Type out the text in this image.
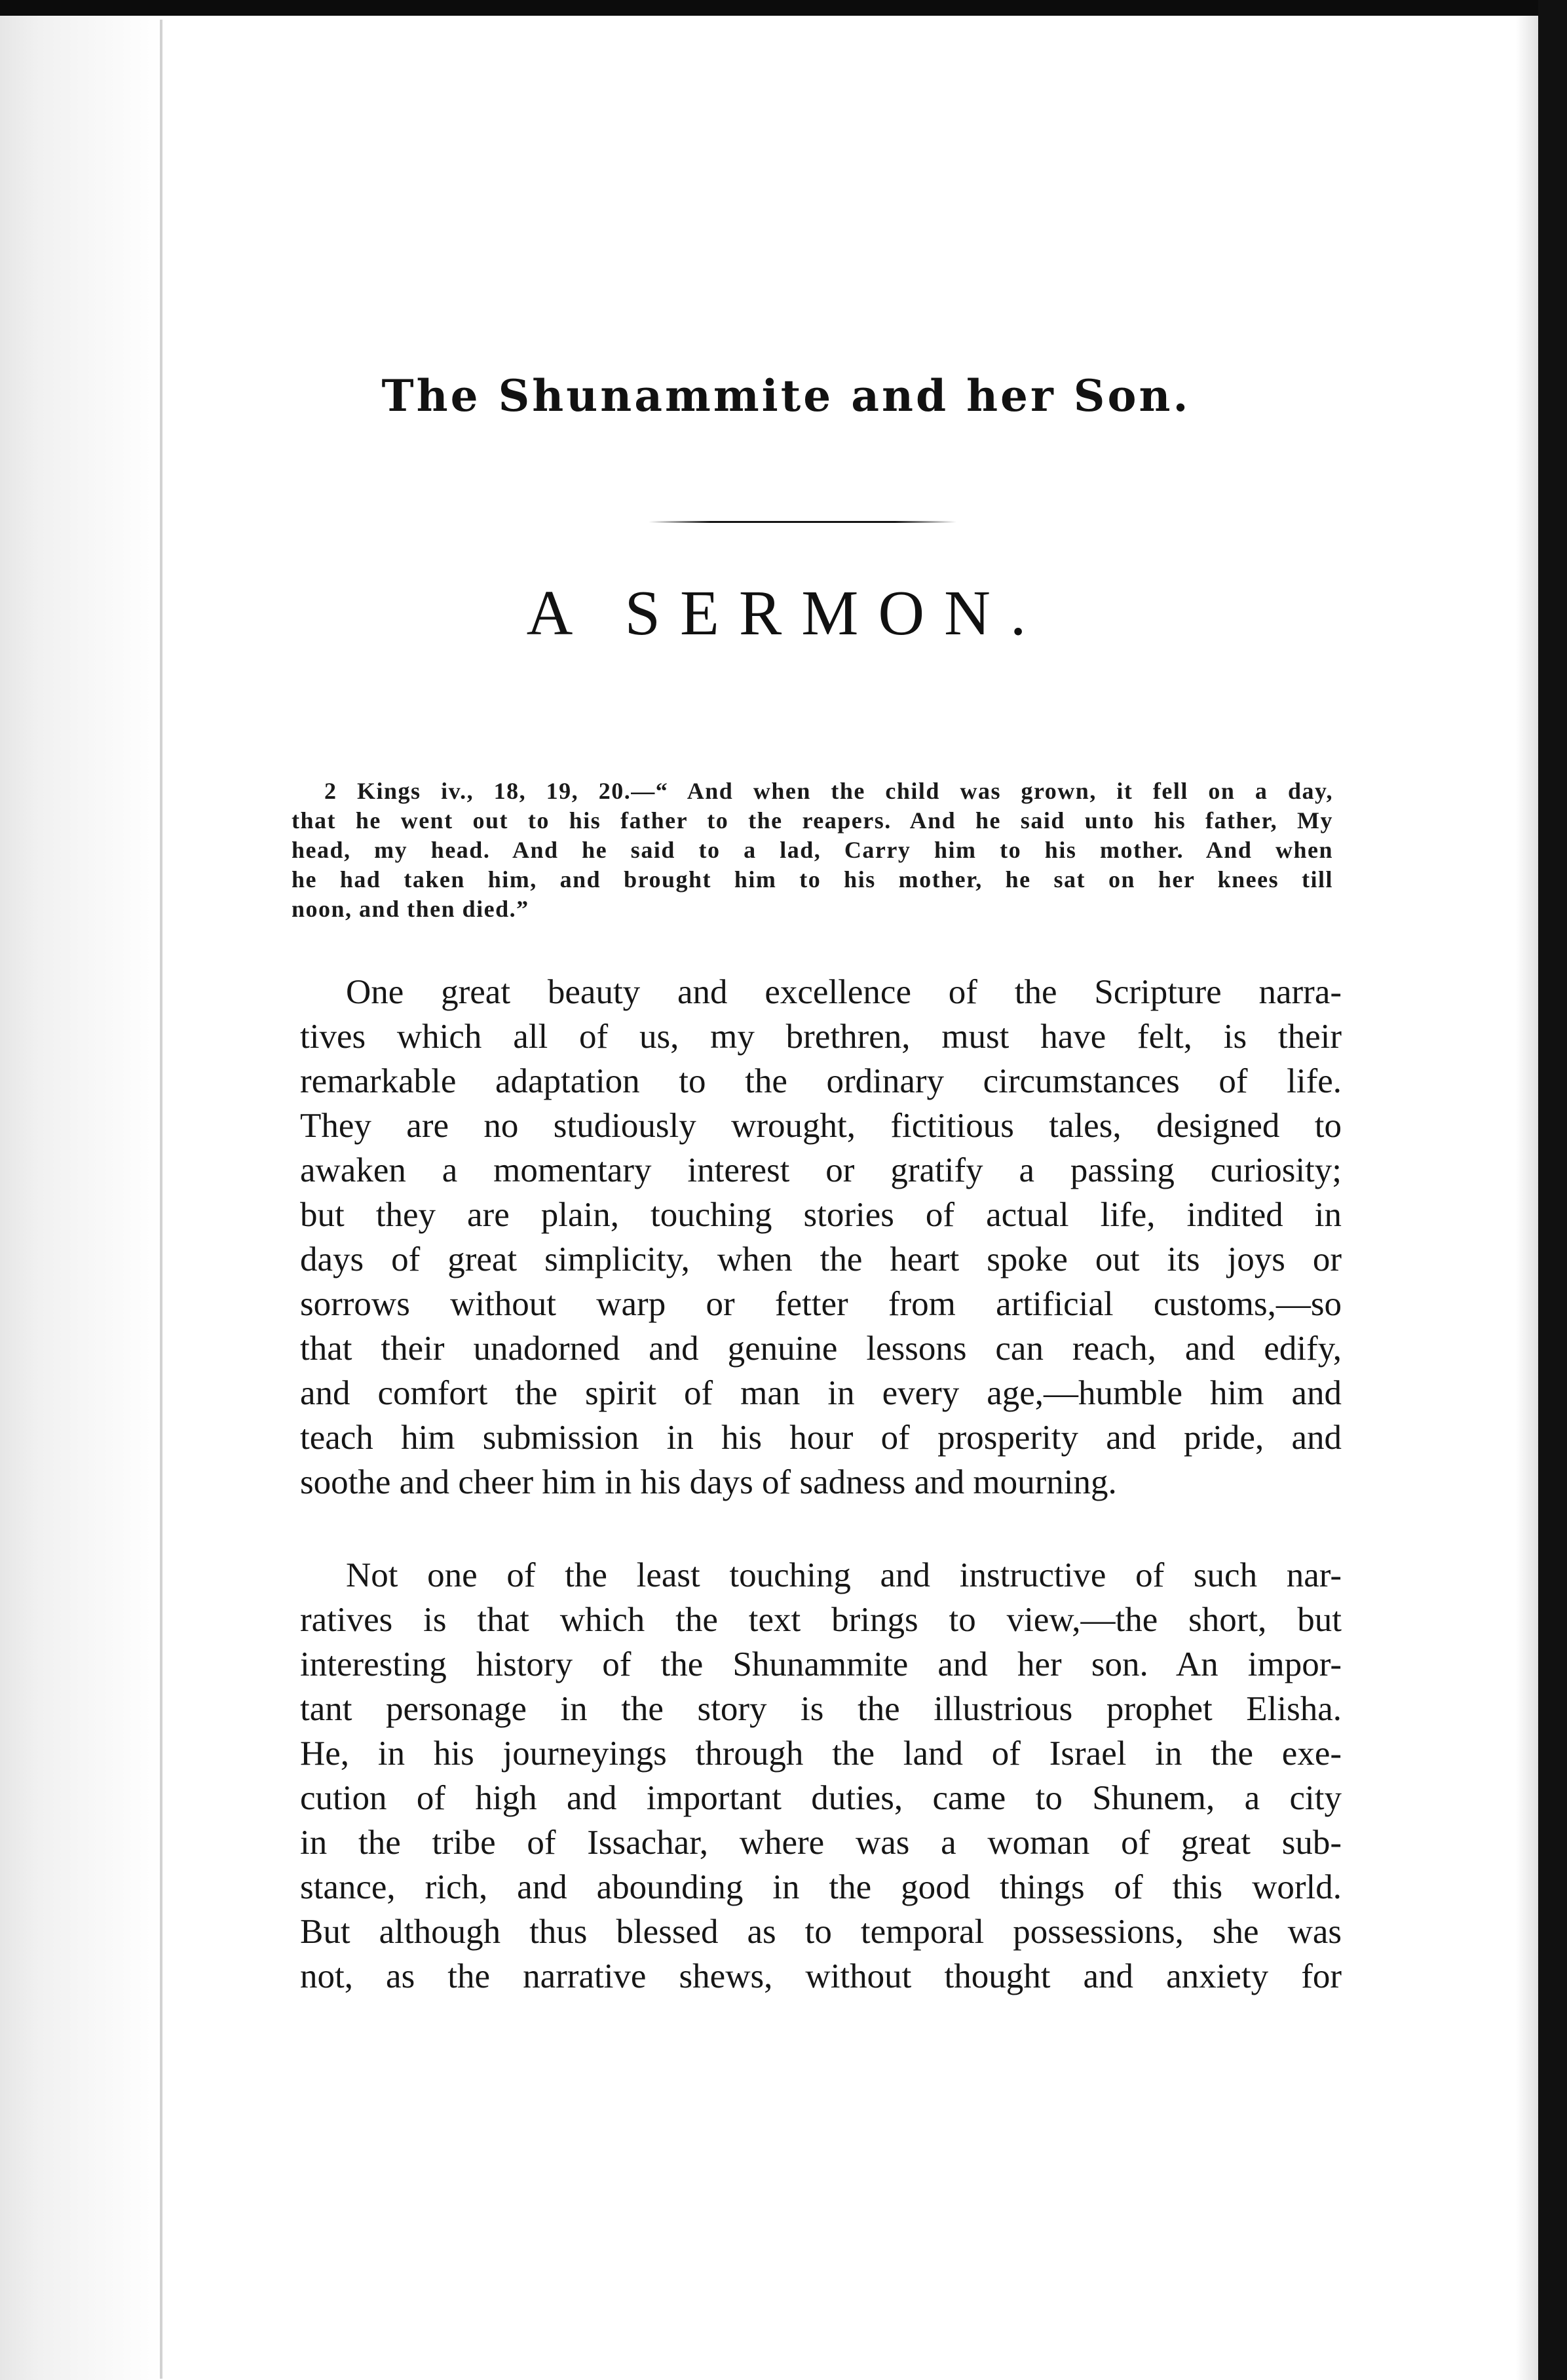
The Shunammite and her Son.
A SERMON.
2 Kings iv., 18, 19, 20.—“ And when the child was grown, it fell on a day,
that he went out to his father to the reapers. And he said unto his father, My
head, my head. And he said to a lad, Carry him to his mother. And when
he had taken him, and brought him to his mother, he sat on her knees till
noon, and then died.”
One great beauty and excellence of the Scripture narra-
tives which all of us, my brethren, must have felt, is their
remarkable adaptation to the ordinary circumstances of life.
They are no studiously wrought, fictitious tales, designed to
awaken a momentary interest or gratify a passing curiosity;
but they are plain, touching stories of actual life, indited in
days of great simplicity, when the heart spoke out its joys or
sorrows without warp or fetter from artificial customs,—so
that their unadorned and genuine lessons can reach, and edify,
and comfort the spirit of man in every age,—humble him and
teach him submission in his hour of prosperity and pride, and
soothe and cheer him in his days of sadness and mourning.
Not one of the least touching and instructive of such nar-
ratives is that which the text brings to view,—the short, but
interesting history of the Shunammite and her son. An impor-
tant personage in the story is the illustrious prophet Elisha.
He, in his journeyings through the land of Israel in the exe-
cution of high and important duties, came to Shunem, a city
in the tribe of Issachar, where was a woman of great sub-
stance, rich, and abounding in the good things of this world.
But although thus blessed as to temporal possessions, she was
not, as the narrative shews, without thought and anxiety for
